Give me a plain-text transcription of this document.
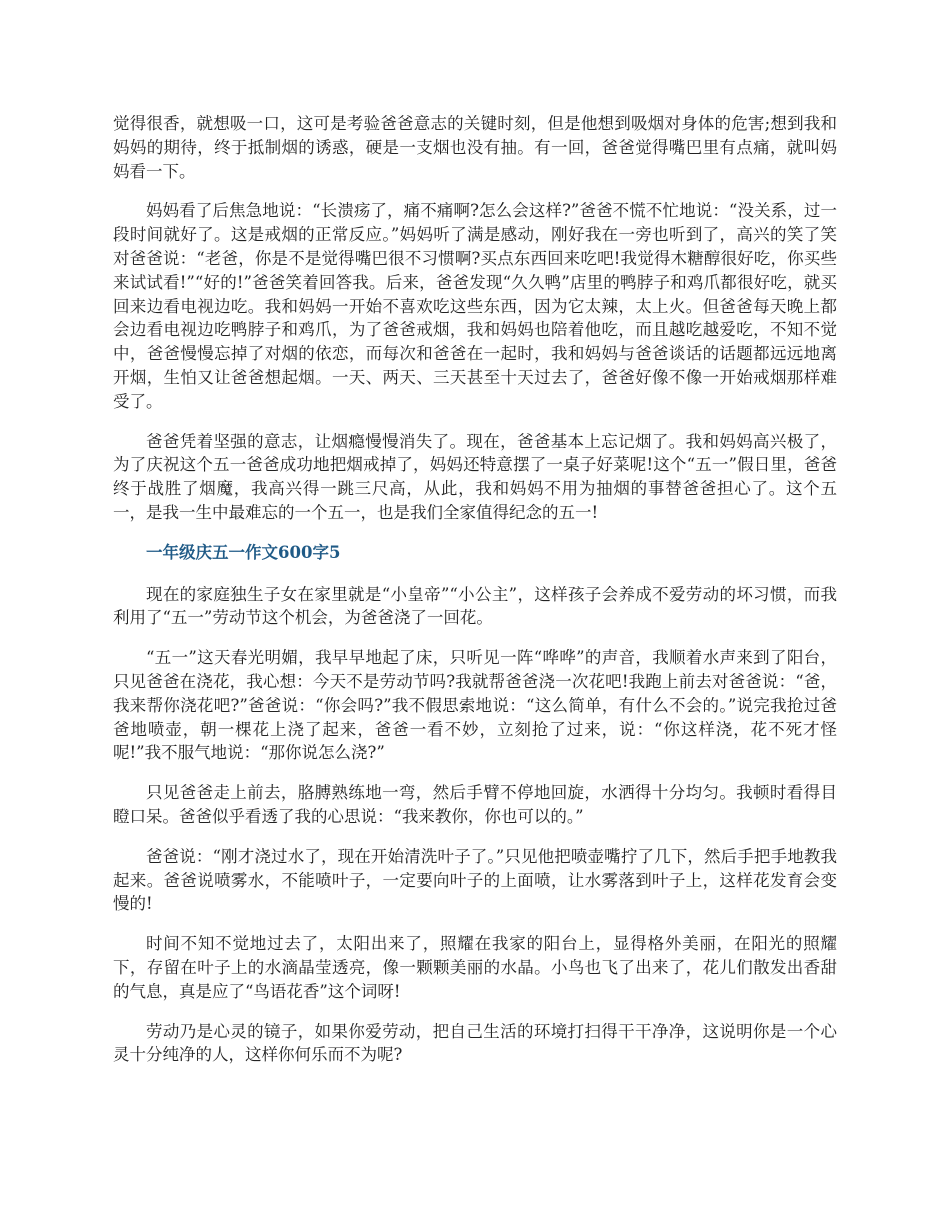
觉得很香，就想吸一口，这可是考验爸爸意志的关键时刻，但是他想到吸烟对身体的危害;想到我和妈妈的期待，终于抵制烟的诱惑，硬是一支烟也没有抽。有一回，爸爸觉得嘴巴里有点痛，就叫妈妈看一下。

妈妈看了后焦急地说：“长溃疡了，痛不痛啊?怎么会这样?”爸爸不慌不忙地说：“没关系，过一段时间就好了。这是戒烟的正常反应。”妈妈听了满是感动，刚好我在一旁也听到了，高兴的笑了笑对爸爸说：“老爸，你是不是觉得嘴巴很不习惯啊?买点东西回来吃吧!我觉得木糖醇很好吃，你买些来试试看!”“好的!”爸爸笑着回答我。后来，爸爸发现“久久鸭”店里的鸭脖子和鸡爪都很好吃，就买回来边看电视边吃。我和妈妈一开始不喜欢吃这些东西，因为它太辣，太上火。但爸爸每天晚上都会边看电视边吃鸭脖子和鸡爪，为了爸爸戒烟，我和妈妈也陪着他吃，而且越吃越爱吃，不知不觉中，爸爸慢慢忘掉了对烟的依恋，而每次和爸爸在一起时，我和妈妈与爸爸谈话的话题都远远地离开烟，生怕又让爸爸想起烟。一天、两天、三天甚至十天过去了，爸爸好像不像一开始戒烟那样难受了。

爸爸凭着坚强的意志，让烟瘾慢慢消失了。现在，爸爸基本上忘记烟了。我和妈妈高兴极了，为了庆祝这个五一爸爸成功地把烟戒掉了，妈妈还特意摆了一桌子好菜呢!这个“五一”假日里，爸爸终于战胜了烟魔，我高兴得一跳三尺高，从此，我和妈妈不用为抽烟的事替爸爸担心了。这个五一，是我一生中最难忘的一个五一，也是我们全家值得纪念的五一!

一年级庆五一作文600字5

现在的家庭独生子女在家里就是“小皇帝”“小公主”，这样孩子会养成不爱劳动的坏习惯，而我利用了“五一”劳动节这个机会，为爸爸浇了一回花。

“五一”这天春光明媚，我早早地起了床，只听见一阵“哗哗”的声音，我顺着水声来到了阳台，只见爸爸在浇花，我心想：今天不是劳动节吗?我就帮爸爸浇一次花吧!我跑上前去对爸爸说：“爸，我来帮你浇花吧?”爸爸说：“你会吗?”我不假思索地说：“这么简单，有什么不会的。”说完我抢过爸爸地喷壶，朝一棵花上浇了起来，爸爸一看不妙，立刻抢了过来，说：“你这样浇，花不死才怪呢!”我不服气地说：“那你说怎么浇?”

只见爸爸走上前去，胳膊熟练地一弯，然后手臂不停地回旋，水洒得十分均匀。我顿时看得目瞪口呆。爸爸似乎看透了我的心思说：“我来教你，你也可以的。”

爸爸说：“刚才浇过水了，现在开始清洗叶子了。”只见他把喷壶嘴拧了几下，然后手把手地教我起来。爸爸说喷雾水，不能喷叶子，一定要向叶子的上面喷，让水雾落到叶子上，这样花发育会变慢的!

时间不知不觉地过去了，太阳出来了，照耀在我家的阳台上，显得格外美丽，在阳光的照耀下，存留在叶子上的水滴晶莹透亮，像一颗颗美丽的水晶。小鸟也飞了出来了，花儿们散发出香甜的气息，真是应了“鸟语花香”这个词呀!

劳动乃是心灵的镜子，如果你爱劳动，把自己生活的环境打扫得干干净净，这说明你是一个心灵十分纯净的人，这样你何乐而不为呢?
